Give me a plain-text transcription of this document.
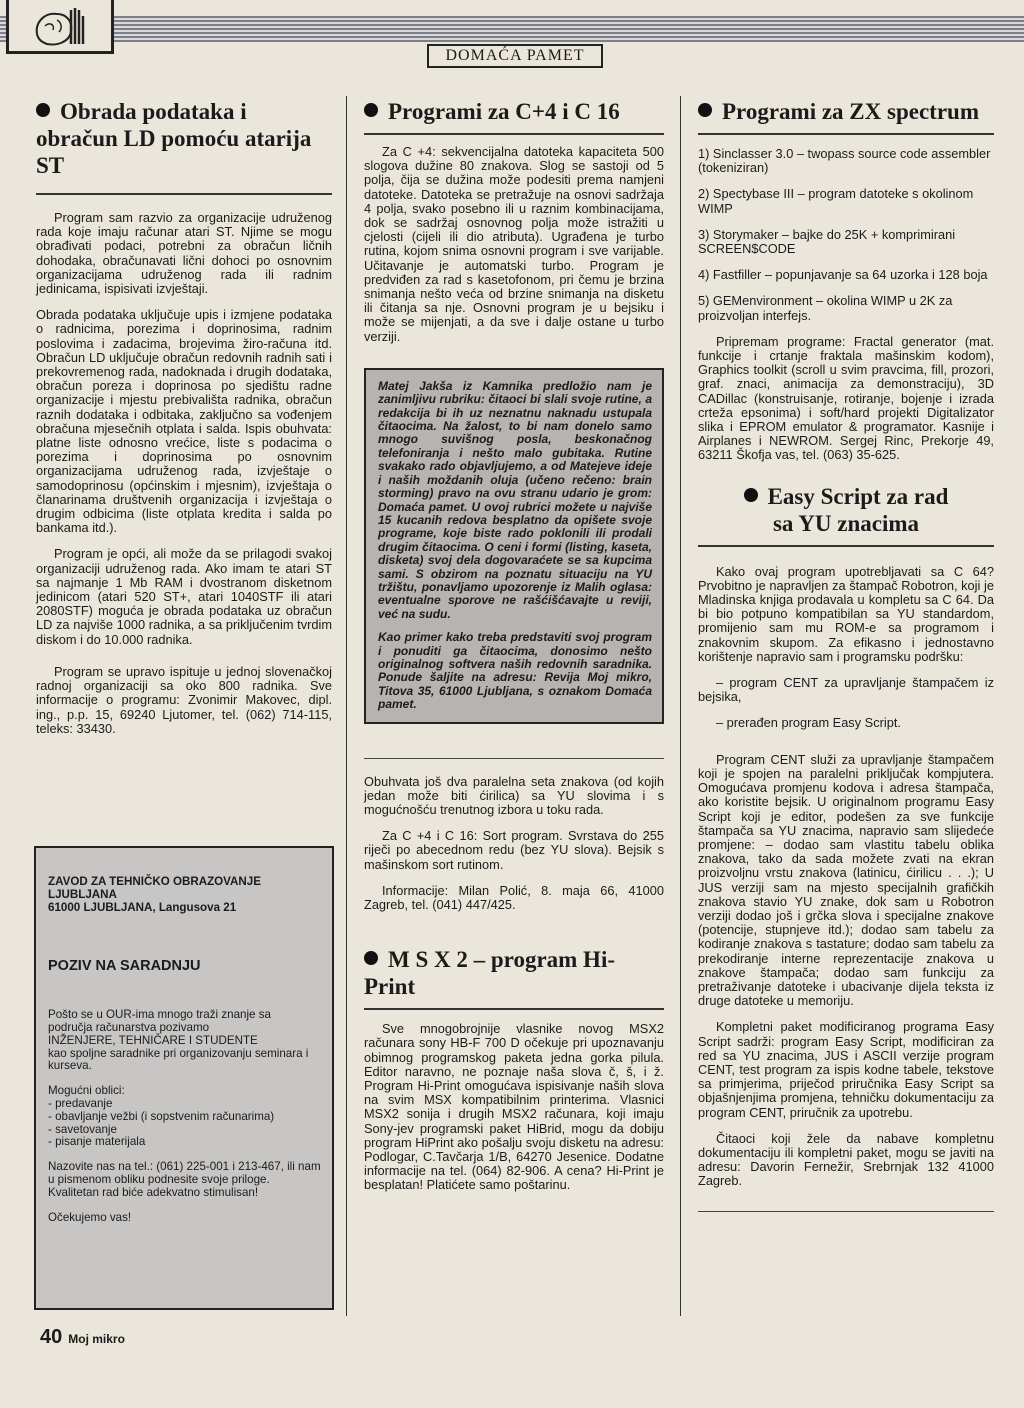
DOMAĆA PAMET
Obrada podataka i obračun LD pomoću atarija ST

Program sam razvio za organizacije udruženog rada koje imaju računar atari ST. Njime se mogu obrađivati podaci, potrebni za obračun ličnih dohodaka, obračunavati lični dohoci po osnovnim organizacijama udruženog rada ili radnim jedinicama, ispisivati izvještaji.

Obrada podataka uključuje upis i izmjene podataka o radnicima, porezima i doprinosima, radnim poslovima i zadacima, brojevima žiro-računa itd. Obračun LD uključuje obračun redovnih radnih sati i prekovremenog rada, nadoknada i drugih dodataka, obračun poreza i doprinosa po sjedištu radne organizacije i mjestu prebivališta radnika, obračun raznih dodataka i odbitaka, zaključno sa vođenjem obračuna mjesečnih otplata i salda. Ispis obuhvata: platne liste odnosno vrećice, liste s podacima o porezima i doprinosima po osnovnim organizacijama udruženog rada, izvještaje o samodoprinosu (općinskim i mjesnim), izvještaja o članarinama društvenih organizacija i izvještaja o drugim odbicima (liste otplata kredita i salda po bankama itd.).

Program je opći, ali može da se prilagodi svakoj organizaciji udruženog rada. Ako imam te atari ST sa najmanje 1 Mb RAM i dvostranom disketnom jedinicom (atari 520 ST+, atari 1040STF ili atari 2080STF) moguća je obrada podataka uz obračun LD za najviše 1000 radnika, a sa priključenim tvrdim diskom i do 10.000 radnika.

Program se upravo ispituje u jednoj slovenačkoj radnoj organizaciji sa oko 800 radnika. Sve informacije o programu: Zvonimir Makovec, dipl. ing., p.p. 15, 69240 Ljutomer, tel. (062) 714-115, teleks: 33430.

ZAVOD ZA TEHNIČKO OBRAZOVANJE

LJUBLJANA

61000 LJUBLJANA, Langusova 21

POZIV NA SARADNJU
Pošto se u OUR-ima mnogo traži znanje sa
područja računarstva pozivamo
INŽENJERE, TEHNIČARE I STUDENTE
kao spoljne saradnike pri organizovanju seminara i kurseva.
Mogućni oblici:
- predavanje
- obavljanje vežbi (i sopstvenim računarima)
- savetovanje
- pisanje materijala

Nazovite nas na tel.: (061) 225-001 i 213-467, ili nam u pismenom obliku podnesite svoje priloge. Kvalitetan rad biće adekvatno stimulisan!

Očekujemo vas!

40 Moj mikro
Programi za C+4 i C 16

Za C +4: sekvencijalna datoteka kapaciteta 500 slogova dužine 80 znakova. Slog se sastoji od 5 polja, čija se dužina može podesiti prema namjeni datoteke. Datoteka se pretražuje na osnovi sadržaja 4 polja, svako posebno ili u raznim kombinacijama, dok se sadržaj osnovnog polja može istražiti u cjelosti (cijeli ili dio atributa). Ugrađena je turbo rutina, kojom snima osnovni program i sve varijable. Učitavanje je automatski turbo. Program je predviđen za rad s kasetofonom, pri čemu je brzina snimanja nešto veća od brzine snimanja na disketu ili čitanja sa nje. Osnovni program je u bejsiku i može se mijenjati, a da sve i dalje ostane u turbo verziji.

Matej Jakša iz Kamnika predložio nam je zanimljivu rubriku: čitaoci bi slali svoje rutine, a redakcija bi ih uz neznatnu naknadu ustupala čitaocima. Na žalost, to bi nam donelo samo mnogo suvišnog posla, beskonačnog telefoniranja i nešto malo gubitaka. Rutine svakako rado objavljujemo, a od Matejeve ideje i naših moždanih oluja (učeno rečeno: brain storming) pravo na ovu stranu udario je grom: Domaća pamet. U ovoj rubrici možete u najviše 15 kucanih redova besplatno da opišete svoje programe, koje biste rado poklonili ili prodali drugim čitaocima. O ceni i formi (listing, kaseta, disketa) svoj dela dogovaraćete se sa kupcima sami. S obzirom na poznatu situaciju na YU tržištu, ponavljamo upozorenje iz Malih oglasa: eventualne sporove ne rašćišćavajte u reviji, već na sudu.

Kao primer kako treba predstaviti svoj program i ponuditi ga čitaocima, donosimo nešto originalnog softvera naših redovnih saradnika. Ponude šaljite na adresu: Revija Moj mikro, Titova 35, 61000 Ljubljana, s oznakom Domaća pamet.

Obuhvata još dva paralelna seta znakova (od kojih jedan može biti ćirilica) sa YU slovima i s mogućnošću trenutnog izbora u toku rada.

Za C +4 i C 16: Sort program. Svrstava do 255 riječi po abecednom redu (bez YU slova). Bejsik s mašinskom sort rutinom.

Informacije: Milan Polić, 8. maja 66, 41000 Zagreb, tel. (041) 447/425.

M S X 2 – program Hi-Print

Sve mnogobrojnije vlasnike novog MSX2 računara sony HB-F 700 D očekuje pri upoznavanju obimnog programskog paketa jedna gorka pilula. Editor naravno, ne poznaje naša slova č, š, i ž. Program Hi-Print omogućava ispisivanje naših slova na svim MSX kompatibilnim printerima. Vlasnici MSX2 sonija i drugih MSX2 računara, koji imaju Sony-jev programski paket HiBrid, mogu da dobiju program HiPrint ako pošalju svoju disketu na adresu: Podlogar, C.Tavčarja 1/B, 64270 Jesenice. Dodatne informacije na tel. (064) 82-906. A cena? Hi-Print je besplatan! Platićete samo poštarinu.

Programi za ZX spectrum
1) Sinclasser 3.0 – twopass source code assembler (tokeniziran)
2) Spectybase III – program datoteke s okolinom WIMP
3) Storymaker – bajke do 25K + komprimirani SCREEN$CODE
4) Fastfiller – popunjavanje sa 64 uzorka i 128 boja
5) GEMenvironment – okolina WIMP u 2K za proizvoljan interfejs.

Pripremam programe: Fractal generator (mat. funkcije i crtanje fraktala mašinskim kodom), Graphics toolkit (scroll u svim pravcima, fill, prozori, graf. znaci, animacija za demonstraciju), 3D CADillac (konstruisanje, rotiranje, bojenje i izrada crteža epsonima) i soft/hard projekti Digitalizator slika i EPROM emulator & programator. Kasnije i Airplanes i NEWROM. Sergej Rinc, Prekorje 49, 63211 Škofja vas, tel. (063) 35-625.

Easy Script za rad
sa YU znacima

Kako ovaj program upotrebljavati sa C 64? Prvobitno je napravljen za štampač Robotron, koji je Mladinska knjiga prodavala u kompletu sa C 64. Da bi bio potpuno kompatibilan sa YU standardom, promijenio sam mu ROM-e sa programom i znakovnim skupom. Za efikasno i jednostavno korištenje napravio sam i programsku podršku:

– program CENT za upravljanje štampačem iz bejsika,

– prerađen program Easy Script.

Program CENT služi za upravljanje štampačem koji je spojen na paralelni priključak kompjutera. Omogućava promjenu kodova i adresa štampača, ako koristite bejsik. U originalnom programu Easy Script koji je editor, podešen za sve funkcije štampača sa YU znacima, napravio sam slijedeće promjene: – dodao sam vlastitu tabelu oblika znakova, tako da sada možete zvati na ekran proizvoljnu vrstu znakova (latinicu, ćirilicu . . .); U JUS verziji sam na mjesto specijalnih grafičkih znakova stavio YU znake, dok sam u Robotron verziji dodao još i grčka slova i specijalne znakove (potencije, stupnjeve itd.); dodao sam tabelu za kodiranje znakova s tastature; dodao sam tabelu za prekodiranje interne reprezentacije znakova u znakove štampača; dodao sam funkciju za pretraživanje datoteke i ubacivanje dijela teksta iz druge datoteke u memoriju.

Kompletni paket modificiranog programa Easy Script sadrži: program Easy Script, modificiran za red sa YU znacima, JUS i ASCII verzije program CENT, test program za ispis kodne tabele, tekstove sa primjerima, priječod priručnika Easy Script sa objašnjenjima promjena, tehničku dokumentaciju za program CENT, priručnik za upotrebu.

Čitaoci koji žele da nabave kompletnu dokumentaciju ili kompletni paket, mogu se javiti na adresu: Davorin Fernežir, Srebrnjak 132 41000 Zagreb.
